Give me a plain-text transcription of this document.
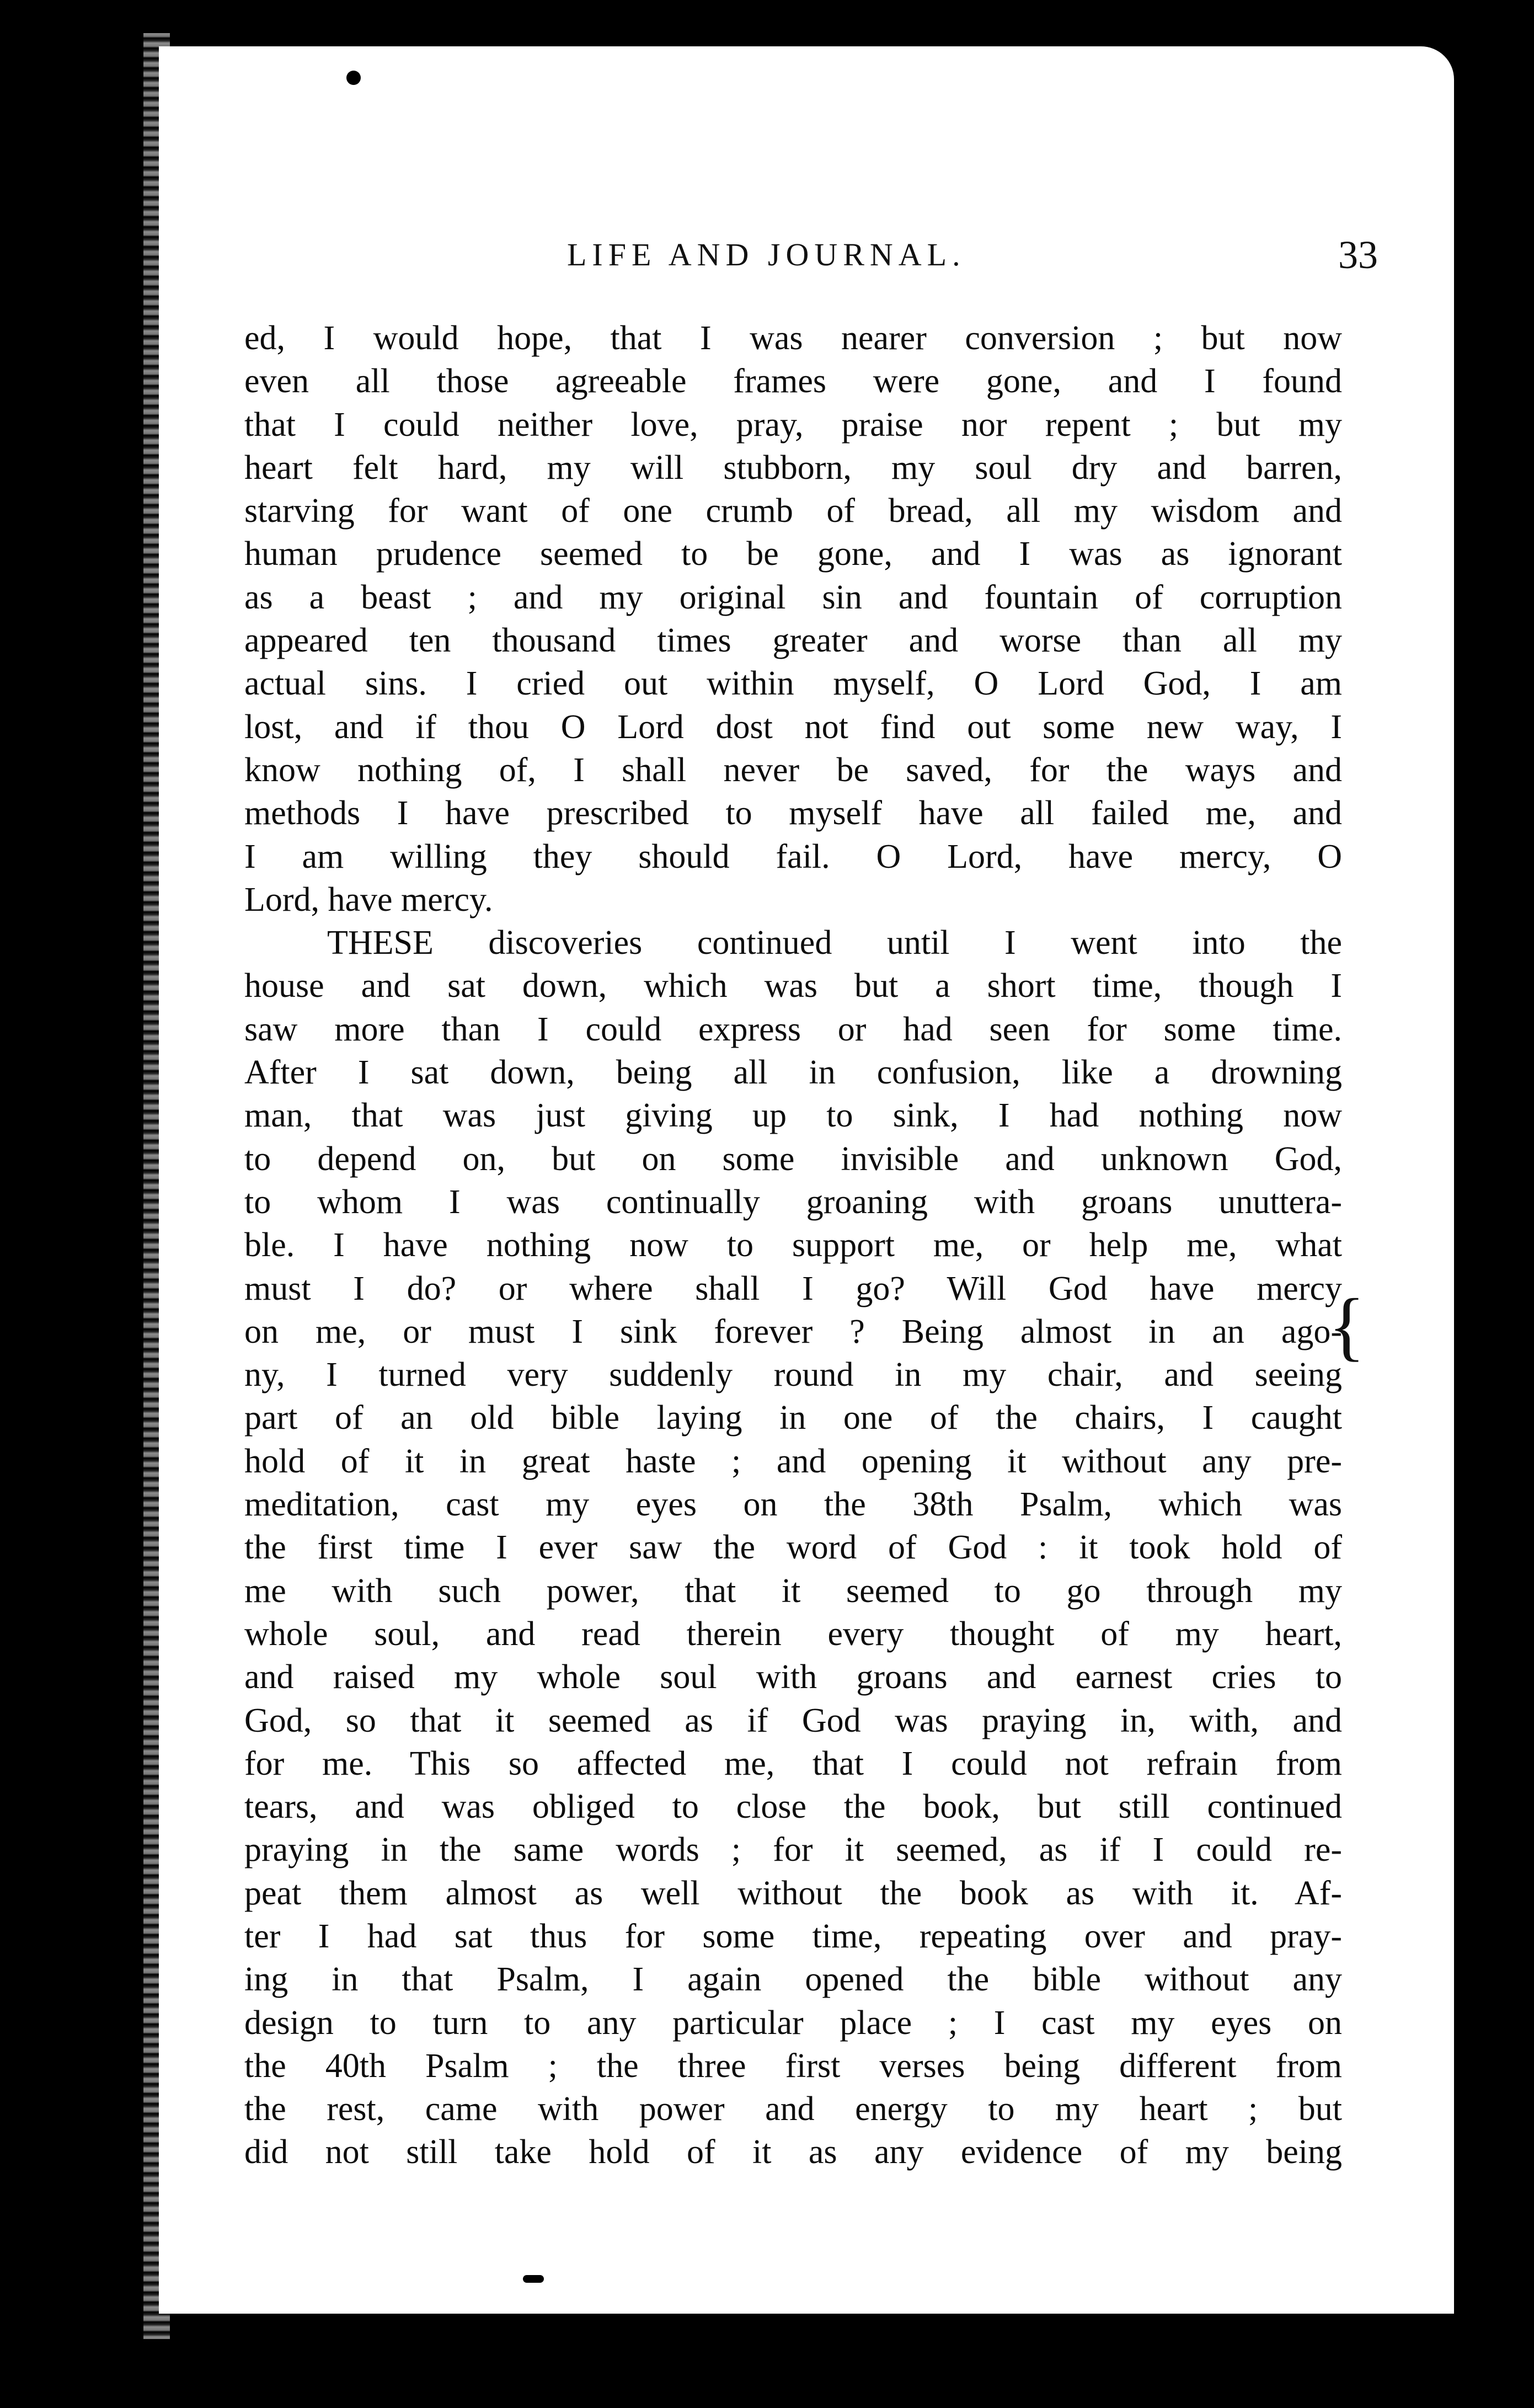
LIFE AND JOURNAL.	33
ed, I would hope, that I was nearer conversion ; but now
even all those agreeable frames were gone, and I found
that I could neither love, pray, praise nor repent ; but my
heart felt hard, my will stubborn, my soul dry and barren,
starving for want of one crumb of bread, all my wisdom and
human prudence seemed to be gone, and I was as ignorant
as a beast ; and my original sin and fountain of corruption
appeared ten thousand times greater and worse than all my
actual sins. I cried out within myself, O Lord God, I am
lost, and if thou O Lord dost not find out some new way, I
know nothing of, I shall never be saved, for the ways and
methods I have prescribed to myself have all failed me, and
I am willing they should fail. O Lord, have mercy, O
Lord, have mercy.
THESE discoveries continued until I went into the
house and sat down, which was but a short time, though I
saw more than I could express or had seen for some time.
After I sat down, being all in confusion, like a drowning
man, that was just giving up to sink, I had nothing now
to depend on, but on some invisible and unknown God,
to whom I was continually groaning with groans unuttera-
ble. I have nothing now to support me, or help me, what
must I do? or where shall I go? Will God have mercy
on me, or must I sink forever ? Being almost in an ago-
ny, I turned very suddenly round in my chair, and seeing
part of an old bible laying in one of the chairs, I caught
hold of it in great haste ; and opening it without any pre-
meditation, cast my eyes on the 38th Psalm, which was
the first time I ever saw the word of God : it took hold of
me with such power, that it seemed to go through my
whole soul, and read therein every thought of my heart,
and raised my whole soul with groans and earnest cries to
God, so that it seemed as if God was praying in, with, and
for me. This so affected me, that I could not refrain from
tears, and was obliged to close the book, but still continued
praying in the same words ; for it seemed, as if I could re-
peat them almost as well without the book as with it. Af-
ter I had sat thus for some time, repeating over and pray-
ing in that Psalm, I again opened the bible without any
design to turn to any particular place ; I cast my eyes on
the 40th Psalm ; the three first verses being different from
the rest, came with power and energy to my heart ; but
did not still take hold of it as any evidence of my being
{
